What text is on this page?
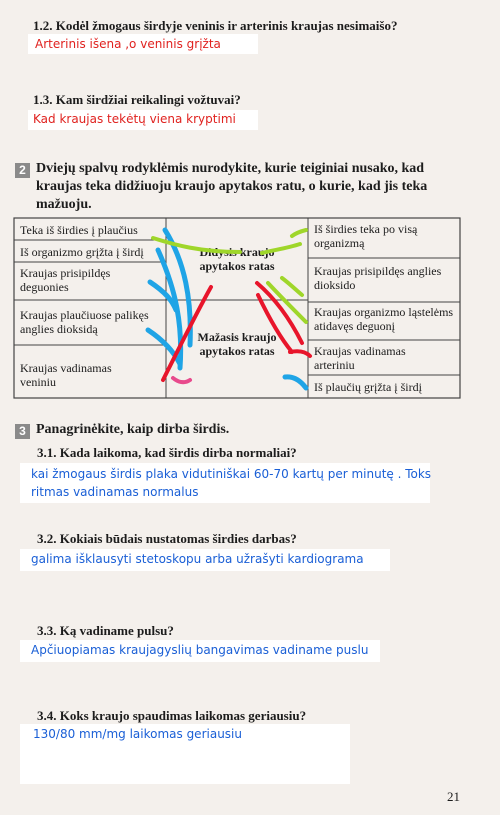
1.2. Kodėl žmogaus širdyje veninis ir arterinis kraujas nesimaišo?
Arterinis išena ,o veninis grįžta
1.3. Kam širdžiai reikalingi vožtuvai?
Kad kraujas tekėtų viena kryptimi
2 Dviejų spalvų rodyklėmis nurodykite, kurie teiginiai nusako, kad
kraujas teka didžiuoju kraujo apytakos ratu, o kurie, kad jis teka
mažuoju.
Teka iš širdies į plaučius
Iš organizmo grįžta į širdį
Kraujas prisipildęs deguonies
Kraujas plaučiuose palikęs anglies dioksidą
Kraujas vadinamas veniniu
Didysis kraujo apytakos ratas
Mažasis kraujo apytakos ratas
Iš širdies teka po visą organizmą
Kraujas prisipildęs anglies dioksido
Kraujas organizmo ląstelėms atidavęs deguonį
Kraujas vadinamas arteriniu
Iš plaučių grįžta į širdį
3 Panagrinėkite, kaip dirba širdis.
3.1. Kada laikoma, kad širdis dirba normaliai?
kai žmogaus širdis plaka vidutiniškai 60-70 kartų per minutę . Toks
ritmas vadinamas normalus
3.2. Kokiais būdais nustatomas širdies darbas?
galima išklausyti stetoskopu arba užrašyti kardiograma
3.3. Ką vadiname pulsu?
Apčiuopiamas kraujagyslių bangavimas vadiname puslu
3.4. Koks kraujo spaudimas laikomas geriausiu?
130/80 mm/mg laikomas geriausiu
21
